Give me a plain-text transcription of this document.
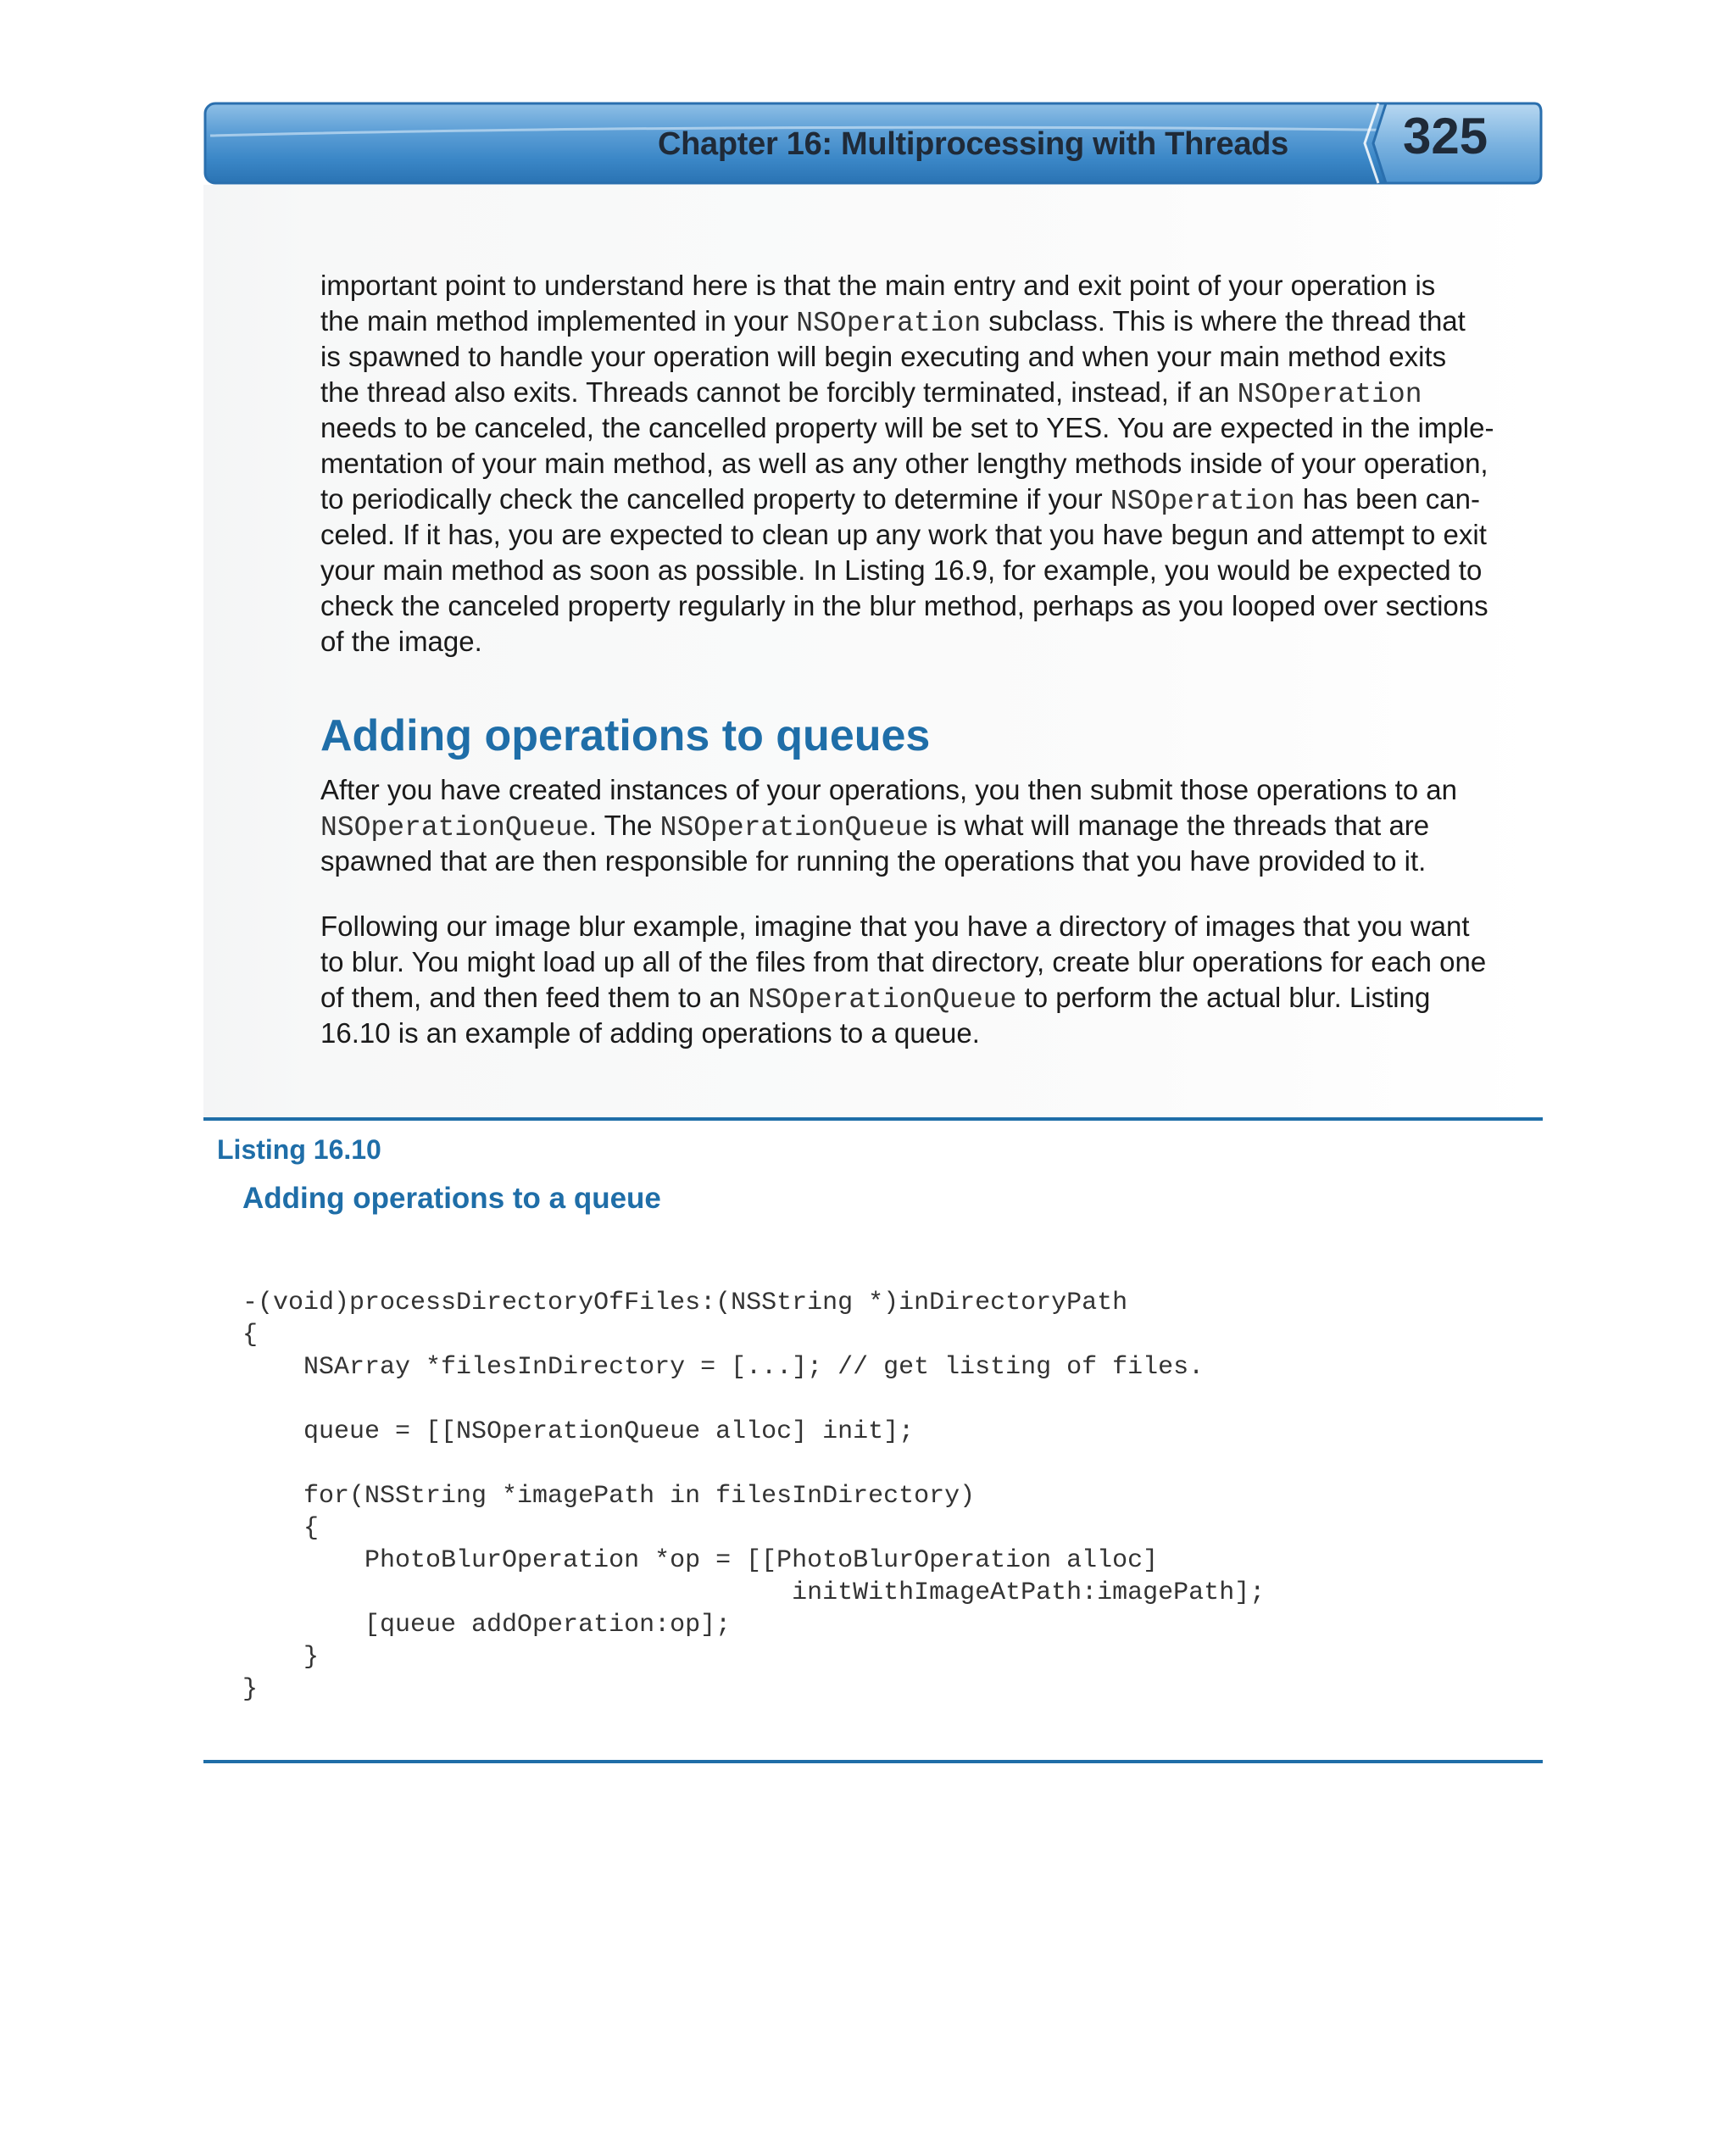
Chapter 16: Multiprocessing with Threads	325
important point to understand here is that the main entry and exit point of your operation is
the main method implemented in your NSOperation subclass. This is where the thread that
is spawned to handle your operation will begin executing and when your main method exits
the thread also exits. Threads cannot be forcibly terminated, instead, if an NSOperation
needs to be canceled, the cancelled property will be set to YES. You are expected in the imple-
mentation of your main method, as well as any other lengthy methods inside of your operation,
to periodically check the cancelled property to determine if your NSOperation has been can-
celed. If it has, you are expected to clean up any work that you have begun and attempt to exit
your main method as soon as possible. In Listing 16.9, for example, you would be expected to
check the canceled property regularly in the blur method, perhaps as you looped over sections
of the image.
Adding operations to queues
After you have created instances of your operations, you then submit those operations to an
NSOperationQueue. The NSOperationQueue is what will manage the threads that are
spawned that are then responsible for running the operations that you have provided to it.
Following our image blur example, imagine that you have a directory of images that you want
to blur. You might load up all of the files from that directory, create blur operations for each one
of them, and then feed them to an NSOperationQueue to perform the actual blur. Listing
16.10 is an example of adding operations to a queue.
Listing 16.10
Adding operations to a queue
-(void)processDirectoryOfFiles:(NSString *)inDirectoryPath
{
NSArray *filesInDirectory = [...]; // get listing of files.
queue = [[NSOperationQueue alloc] init];
for(NSString *imagePath in filesInDirectory)
{
PhotoBlurOperation *op = [[PhotoBlurOperation alloc]
initWithImageAtPath:imagePath];
[queue addOperation:op];
}
}
